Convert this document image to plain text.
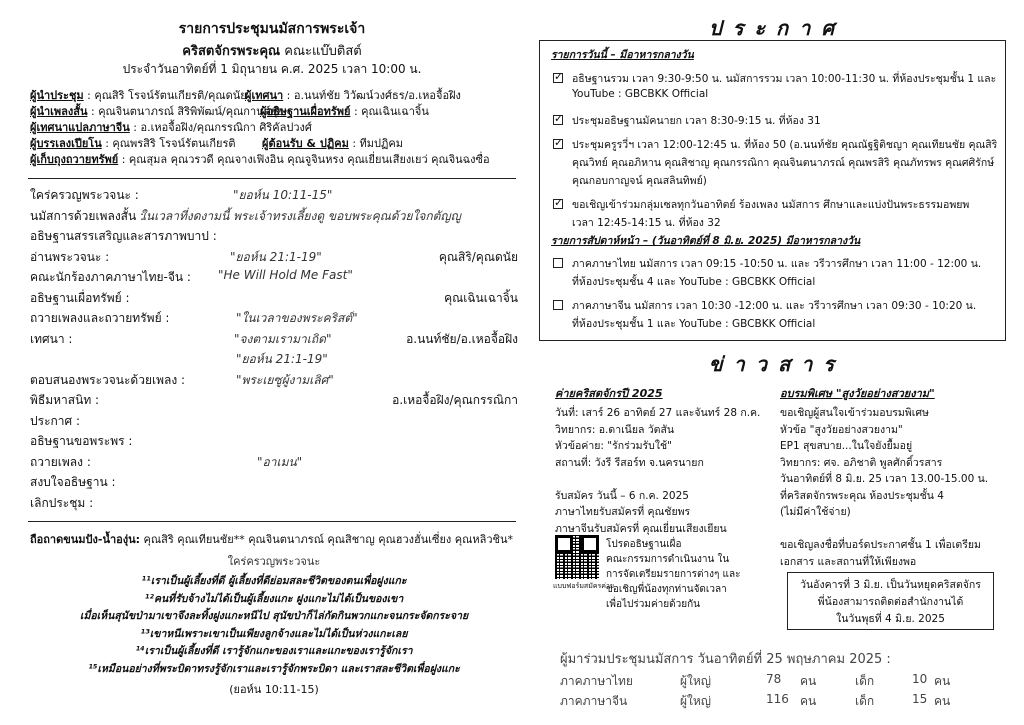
รายการประชุมนมัสการพระเจ้า
คริสตจักรพระคุณ คณะแบ๊บติสต์
ประจำวันอาทิตย์ที่ 1 มิถุนายน ค.ศ. 2025 เวลา 10:00 น.
ผู้นำประชุม : คุณสิริ โรจน์รัตนเกียรติ/คุณดนัย
ผู้เทศนา : อ.นนท์ชัย วิวัฒน์วงศ์ธร/อ.เหอจื้อฝิง
ผู้นำเพลงสั้น : คุณจินตนาภรณ์ สิริพิพัฒน์/คุณกานต์ยุ่ย
ผู้อธิษฐานเผื่อทรัพย์ : คุณเฉินเฉาจิ้น
ผู้เทศนาแปลภาษาจีน : อ.เหอจื้อฝิง/คุณกรรณิกา ศิริคัลปวงศ์
ผู้บรรเลงเปียโน : คุณพรสิริ โรจน์รัตนเกียรติ ผู้ต้อนรับ & ปฏิคม : ทีมปฏิคม
ผู้เก็บถุงถวายทรัพย์ : คุณสุมล คุณวรวดี คุณจางเฟิงอิน คุณจูจินหรง คุณเยี่ยนเสียงเยว่ คุณจินฉงซื่อ
ใคร่ครวญพระวจนะ :	"ยอห์น 10:11-15"
นมัสการด้วยเพลงสั้น :
ในเวลาที่งดงามนี้ พระเจ้าทรงเลี้ยงดู ขอบพระคุณด้วยใจกตัญญู
อธิษฐานสรรเสริญและสารภาพบาป :
อ่านพระวจนะ :	"ยอห์น 21:1-19"	คุณสิริ/คุณดนัย
คณะนักร้องภาคภาษาไทย-จีน : "He Will Hold Me Fast"
อธิษฐานเผื่อทรัพย์ :	คุณเฉินเฉาจิ้น
ถวายเพลงและถวายทรัพย์ :	"ในเวลาของพระคริสต์"
เทศนา :	"จงตามเรามาเถิด"	อ.นนท์ชัย/อ.เหอจื้อฝิง
"ยอห์น 21:1-19"
ตอบสนองพระวจนะด้วยเพลง :	"พระเยซูผู้งามเลิศ"
พิธีมหาสนิท :	อ.เหอจื้อฝิง/คุณกรรณิกา
ประกาศ :
อธิษฐานขอพระพร :
ถวายเพลง :	"อาเมน"
สงบใจอธิษฐาน :
เลิกประชุม :
ถือถาดขนมปัง-น้ำองุ่น: คุณสิริ คุณเทียนชัย** คุณจินตนาภรณ์ คุณสิชาญ คุณฮวงฮั่นเซี่ยง คุณหลิวชิน*
ใคร่ครวญพระวจนะ
¹¹เราเป็นผู้เลี้ยงที่ดี ผู้เลี้ยงที่ดีย่อมสละชีวิตของตนเพื่อฝูงแกะ
¹²คนที่รับจ้างไม่ได้เป็นผู้เลี้ยงแกะ ฝูงแกะไม่ได้เป็นของเขา
เมื่อเห็นสุนัขป่ามาเขาจึงละทิ้งฝูงแกะหนีไป สุนัขป่าก็ไล่กัดกินพวกแกะจนกระจัดกระจาย
¹³เขาหนีเพราะเขาเป็นเพียงลูกจ้างและไม่ได้เป็นห่วงแกะเลย
¹⁴เราเป็นผู้เลี้ยงที่ดี เรารู้จักแกะของเราและแกะของเรารู้จักเรา
¹⁵เหมือนอย่างที่พระบิดาทรงรู้จักเราและเรารู้จักพระบิดา และเราสละชีวิตเพื่อฝูงแกะ
(ยอห์น 10:11-15)
ป ร ะ ก า ศ
รายการวันนี้ – มีอาหารกลางวัน
✓
อธิษฐานรวม เวลา 9:30-9:50 น. นมัสการรวม เวลา 10:00-11:30 น. ที่ห้องประชุมชั้น 1 และ
YouTube : GBCBKK Official
✓
ประชุมอธิษฐานมัคนายก เวลา 8:30-9:15 น. ที่ห้อง 31
✓
ประชุมครูรวี่ฯ เวลา 12:00-12:45 น. ที่ห้อง 50 (อ.นนท์ชัย คุณณัฐฐิติชญา คุณเทียนชัย คุณสิริ
คุณวิทย์ คุณอภิหาน คุณสิชาญ คุณกรรณิกา คุณจินตนาภรณ์ คุณพรสิริ คุณภัทรพร คุณศศิรักษ์
คุณกอบกาญจน์ คุณสลินทิพย์)
✓
ขอเชิญเข้าร่วมกลุ่มเซลทุกวันอาทิตย์ ร้องเพลง นมัสการ ศึกษาและแบ่งปันพระธรรมอพยพ
เวลา 12:45-14:15 น. ที่ห้อง 32
รายการสัปดาห์หน้า – (วันอาทิตย์ที่ 8 มิ.ย. 2025) มีอาหารกลางวัน
ภาคภาษาไทย นมัสการ เวลา 09:15 -10:50 น. และ วรีวารศึกษา เวลา 11:00 - 12:00 น.
ที่ห้องประชุมชั้น 4 และ YouTube : GBCBKK Official
ภาคภาษาจีน นมัสการ เวลา 10:30 -12:00 น. และ วรีวารศึกษา เวลา 09:30 - 10:20 น.
ที่ห้องประชุมชั้น 1 และ YouTube : GBCBKK Official
ข่ า ว ส า ร
ค่ายคริสตจักรปี 2025
วันที่: เสาร์ 26 อาทิตย์ 27 และจันทร์ 28 ก.ค.
วิทยากร: อ.ดาเนียล วัตสัน
หัวข้อค่าย: "รักร่วมรับใช้"
สถานที่: วังรี รีสอร์ท จ.นครนายก
รับสมัคร วันนี้ – 6 ก.ค. 2025
ภาษาไทยรับสมัครที่ คุณชัยพร
ภาษาจีนรับสมัครที่ คุณเยี่ยนเสียงเยียน
แบบฟอร์มสมัครค่าย
โปรดอธิษฐานเผื่อ
คณะกรรมการดำเนินงาน ใน
การจัดเตรียมรายการต่างๆ และ
ขอเชิญพี่น้องทุกท่านจัดเวลา
เพื่อไปร่วมค่ายด้วยกัน
อบรมพิเศษ "สูงวัยอย่างสวยงาม"
ขอเชิญผู้สนใจเข้าร่วมอบรมพิเศษ
หัวข้อ "สูงวัยอย่างสวยงาม"
EP1 สุขสบาย...ในใจยังยื้มอยู่
วิทยากร: ศจ. อภิชาติ พูลศักดิ์วรสาร
วันอาทิตย์ที่ 8 มิ.ย. 25 เวลา 13.00-15.00 น.
ที่คริสตจักรพระคุณ ห้องประชุมชั้น 4
(ไม่มีค่าใช้จ่าย)
ขอเชิญลงชื่อที่บอร์ดประกาศชั้น 1 เพื่อเตรียม
เอกสาร และสถานที่ให้เพียงพอ
วันอังคารที่ 3 มิ.ย. เป็นวันหยุดคริสตจักร
พี่น้องสามารถติดต่อสำนักงานได้
ในวันพุธที่ 4 มิ.ย. 2025
ผู้มาร่วมประชุมนมัสการ วันอาทิตย์ที่ 25 พฤษภาคม 2025 :
ภาคภาษาไทย	ผู้ใหญ่	78 คน	เด็ก	10 คน
ภาคภาษาจีน	ผู้ใหญ่	116 คน	เด็ก	15 คน
